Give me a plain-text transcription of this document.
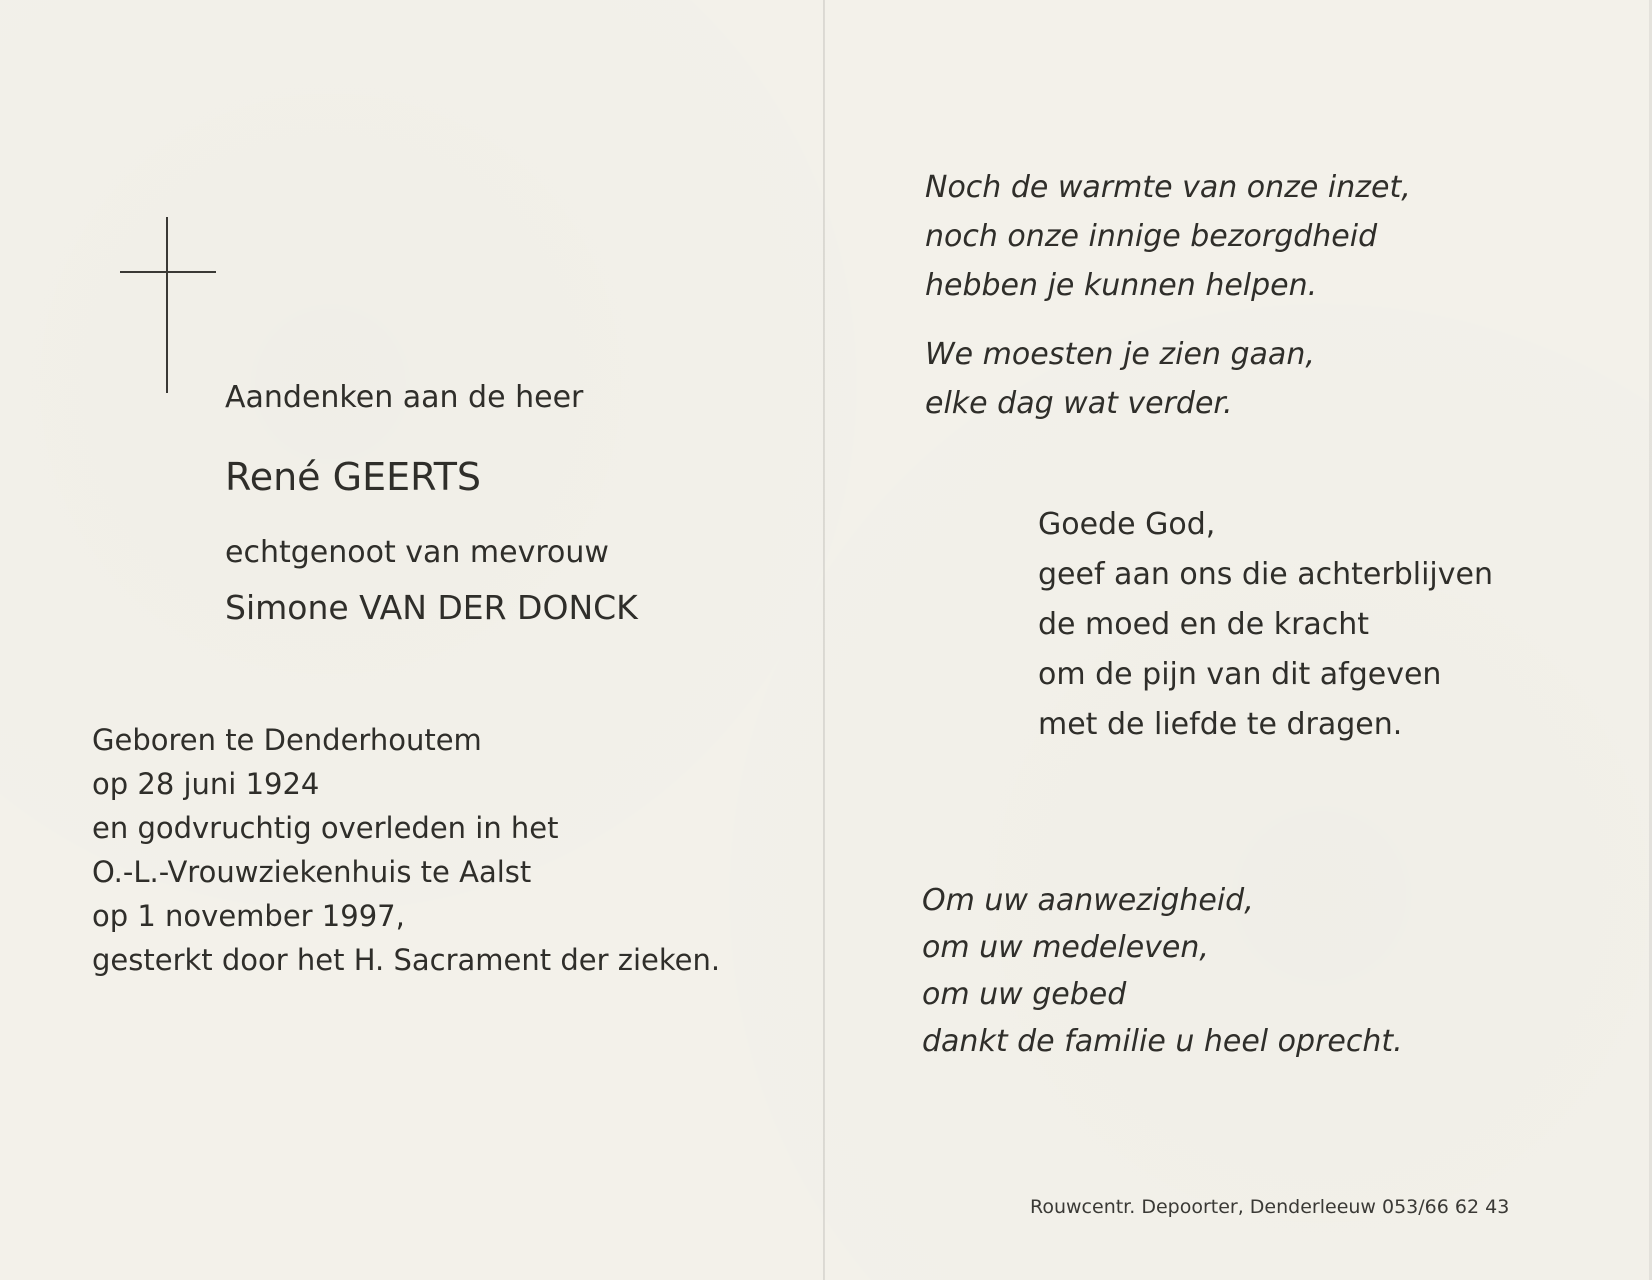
Aandenken aan de heer

René GEERTS

echtgenoot van mevrouw

Simone VAN DER DONCK

Geboren te Denderhoutem
op 28 juni 1924
en godvruchtig overleden in het
O.-L.-Vrouwziekenhuis te Aalst
op 1 november 1997,
gesterkt door het H. Sacrament der zieken.
Noch de warmte van onze inzet,
noch onze innige bezorgdheid
hebben je kunnen helpen.
We moesten je zien gaan,
elke dag wat verder.
Goede God,
geef aan ons die achterblijven
de moed en de kracht
om de pijn van dit afgeven
met de liefde te dragen.
Om uw aanwezigheid,
om uw medeleven,
om uw gebed
dankt de familie u heel oprecht.

Rouwcentr. Depoorter, Denderleeuw 053/66 62 43
